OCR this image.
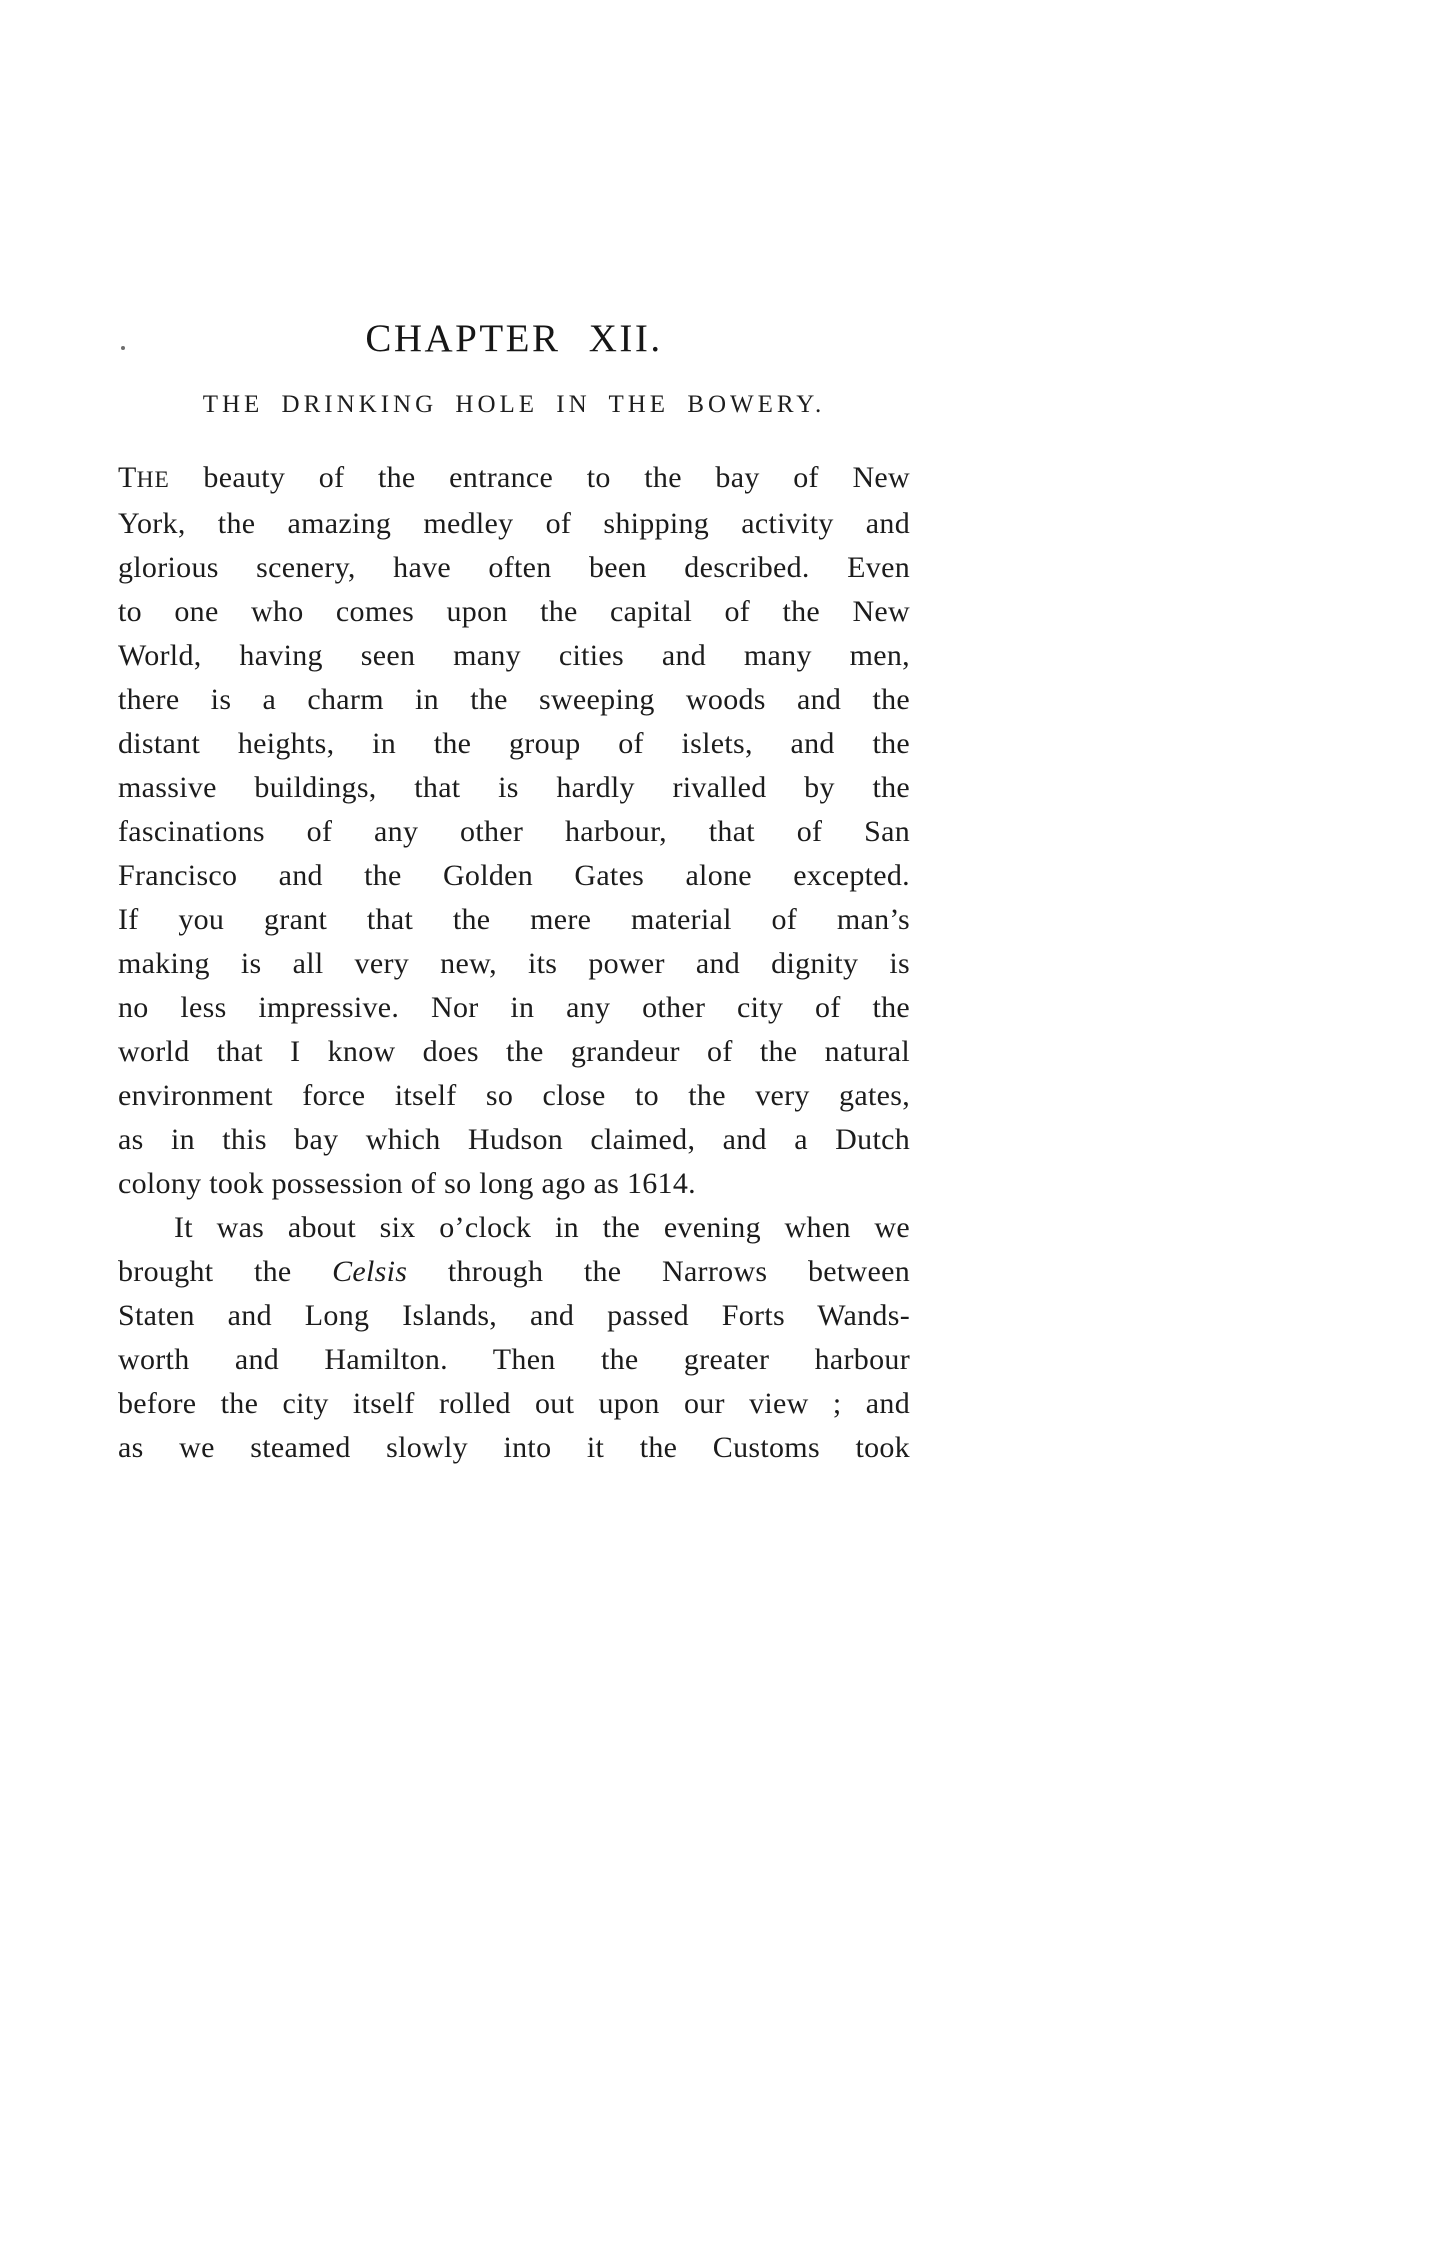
CHAPTER XII.
THE DRINKING HOLE IN THE BOWERY.
THE beauty of the entrance to the bay of New
York, the amazing medley of shipping activity and
glorious scenery, have often been described. Even
to one who comes upon the capital of the New
World, having seen many cities and many men,
there is a charm in the sweeping woods and the
distant heights, in the group of islets, and the
massive buildings, that is hardly rivalled by the
fascinations of any other harbour, that of San
Francisco and the Golden Gates alone excepted.
If you grant that the mere material of man’s
making is all very new, its power and dignity is
no less impressive. Nor in any other city of the
world that I know does the grandeur of the natural
environment force itself so close to the very gates,
as in this bay which Hudson claimed, and a Dutch
colony took possession of so long ago as 1614.
It was about six o’clock in the evening when we
brought the Celsis through the Narrows between
Staten and Long Islands, and passed Forts Wands-
worth and Hamilton. Then the greater harbour
before the city itself rolled out upon our view ; and
as we steamed slowly into it the Customs took
